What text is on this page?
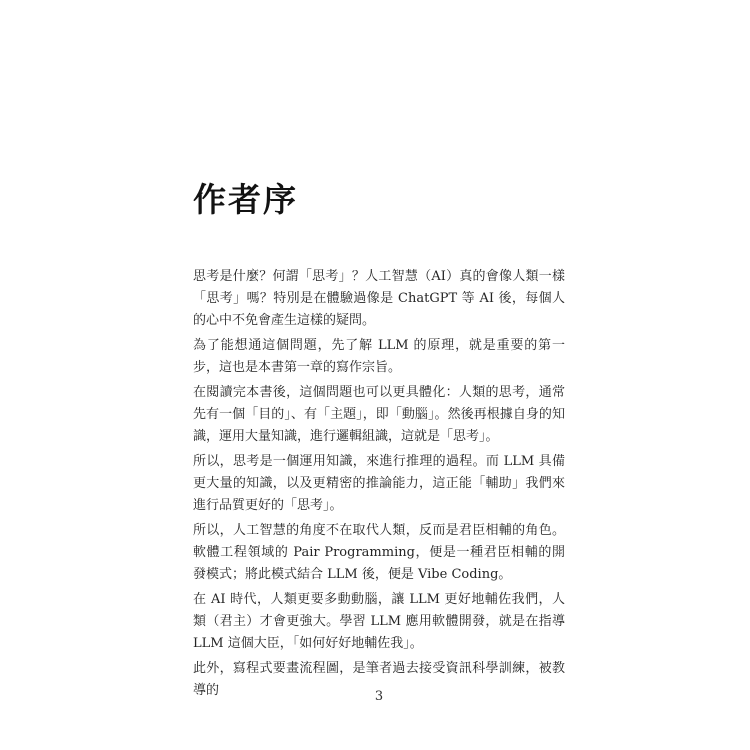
作者序

思考是什麼？何謂「思考」？人工智慧（AI）真的會像人類一樣「思考」嗎？特別是在體驗過像是 ChatGPT 等 AI 後，每個人的心中不免會產生這樣的疑問。

為了能想通這個問題，先了解 LLM 的原理，就是重要的第一步，這也是本書第一章的寫作宗旨。

在閱讀完本書後，這個問題也可以更具體化：人類的思考，通常先有一個「目的」、有「主題」，即「動腦」。然後再根據自身的知識，運用大量知識，進行邏輯組識，這就是「思考」。

所以，思考是一個運用知識，來進行推理的過程。而 LLM 具備更大量的知識，以及更精密的推論能力，這正能「輔助」我們來進行品質更好的「思考」。

所以，人工智慧的角度不在取代人類，反而是君臣相輔的角色。軟體工程領域的 Pair Programming，便是一種君臣相輔的開發模式；將此模式結合 LLM 後，便是 Vibe Coding。

在 AI 時代，人類更要多動動腦，讓 LLM 更好地輔佐我們，人類（君主）才會更強大。學習 LLM 應用軟體開發，就是在指導 LLM 這個大臣，「如何好好地輔佐我」。

此外，寫程式要畫流程圖，是筆者過去接受資訊科學訓練，被教導的	3
